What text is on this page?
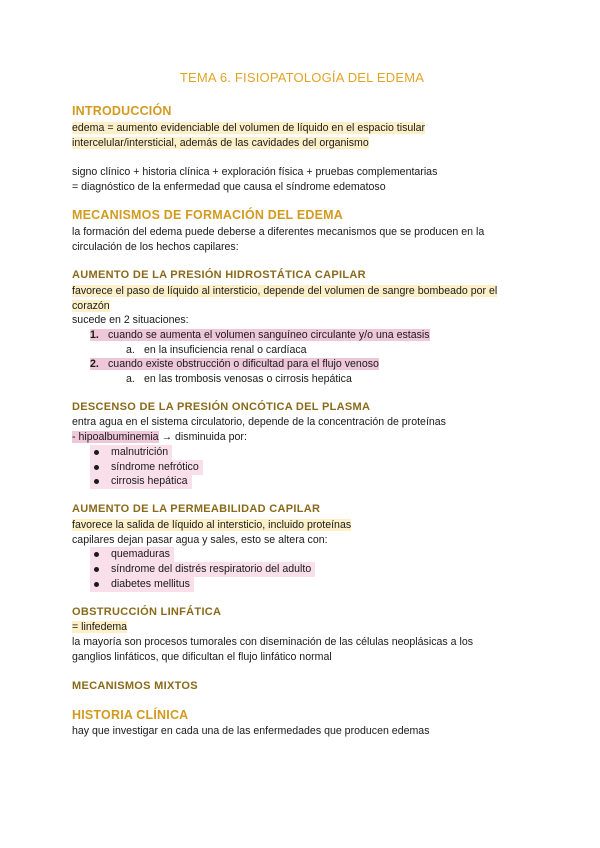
TEMA 6. FISIOPATOLOGÍA DEL EDEMA
INTRODUCCIÓN
edema = aumento evidenciable del volumen de líquido en el espacio tisular
intercelular/intersticial, además de las cavidades del organismo
signo clínico + historia clínica + exploración física + pruebas complementarias
= diagnóstico de la enfermedad que causa el síndrome edematoso
MECANISMOS DE FORMACIÓN DEL EDEMA
la formación del edema puede deberse a diferentes mecanismos que se producen en la
circulación de los hechos capilares:
AUMENTO DE LA PRESIÓN HIDROSTÁTICA CAPILAR
favorece el paso de líquido al intersticio, depende del volumen de sangre bombeado por el
corazón
sucede en 2 situaciones:
1. cuando se aumenta el volumen sanguíneo circulante y/o una estasis
a. en la insuficiencia renal o cardíaca
2. cuando existe obstrucción o dificultad para el flujo venoso
a. en las trombosis venosas o cirrosis hepática
DESCENSO DE LA PRESIÓN ONCÓTICA DEL PLASMA
entra agua en el sistema circulatorio, depende de la concentración de proteínas
- hipoalbuminemia → disminuida por:
malnutrición
síndrome nefrótico
cirrosis hepática
AUMENTO DE LA PERMEABILIDAD CAPILAR
favorece la salida de líquido al intersticio, incluido proteínas
capilares dejan pasar agua y sales, esto se altera con:
quemaduras
síndrome del distrés respiratorio del adulto
diabetes mellitus
OBSTRUCCIÓN LINFÁTICA
= linfedema
la mayoría son procesos tumorales con diseminación de las células neoplásicas a los
ganglios linfáticos, que dificultan el flujo linfático normal
MECANISMOS MIXTOS
HISTORIA CLÍNICA
hay que investigar en cada una de las enfermedades que producen edemas
